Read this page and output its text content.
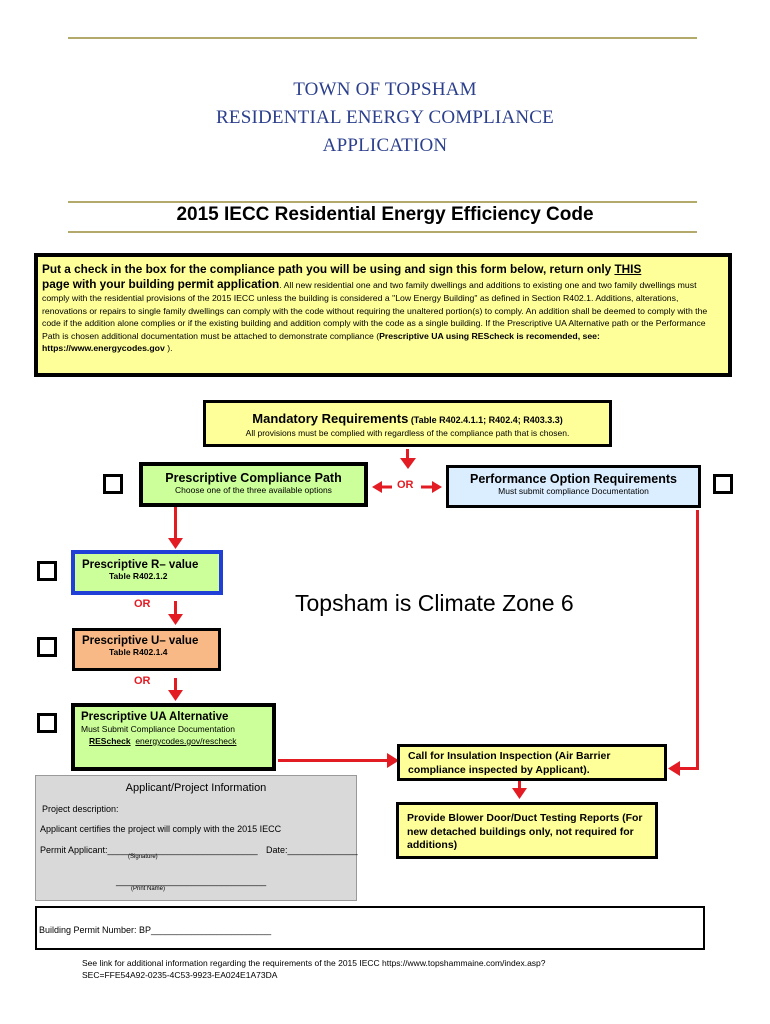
TOWN OF TOPSHAM
RESIDENTIAL ENERGY COMPLIANCE
APPLICATION
2015 IECC Residential Energy Efficiency Code
Put a check in the box for the compliance path you will be using and sign this form below, return only THIS
page with your building permit application. All new residential one and two family dwellings and additions to existing one and two family dwellings must comply with the residential provisions of the 2015 IECC unless the building is considered a "Low Energy Building" as defined in Section R402.1. Additions, alterations, renovations or repairs to single family dwellings can comply with the code without requiring the unaltered portion(s) to comply. An addition shall be deemed to comply with the code if the addition alone complies or if the existing building and addition comply with the code as a single building. If the Prescriptive UA Alternative path or the Performance Path is chosen additional documentation must be attached to demonstrate compliance (Prescriptive UA using REScheck is recomended, see: https://www.energycodes.gov ).
OR
OR
OR
Mandatory Requirements (Table R402.4.1.1; R402.4; R403.3.3)
All provisions must be complied with regardless of the compliance path that is chosen.
Prescriptive Compliance Path
Choose one of the three available options
Performance Option Requirements
Must submit compliance Documentation
Prescriptive R– value
Table R402.1.2
Topsham is Climate Zone 6
Prescriptive U– value
Table R402.1.4
Prescriptive UA Alternative
Must Submit Compliance Documentation
REScheck energycodes.gov/rescheck
Call for Insulation Inspection (Air Barrier compliance inspected by Applicant).
Provide Blower Door/Duct Testing Reports (For new detached buildings only, not required for additions)
Applicant/Project Information
Project description:
Applicant certifies the project will comply with the 2015 IECC
Permit Applicant:______________________________ Date:______________
(Signature)
______________________________
(Print Name)
Building Permit Number: BP________________________
See link for additional information regarding the requirements of the 2015 IECC https://www.topshammaine.com/index.asp?
SEC=FFE54A92-0235-4C53-9923-EA024E1A73DA
